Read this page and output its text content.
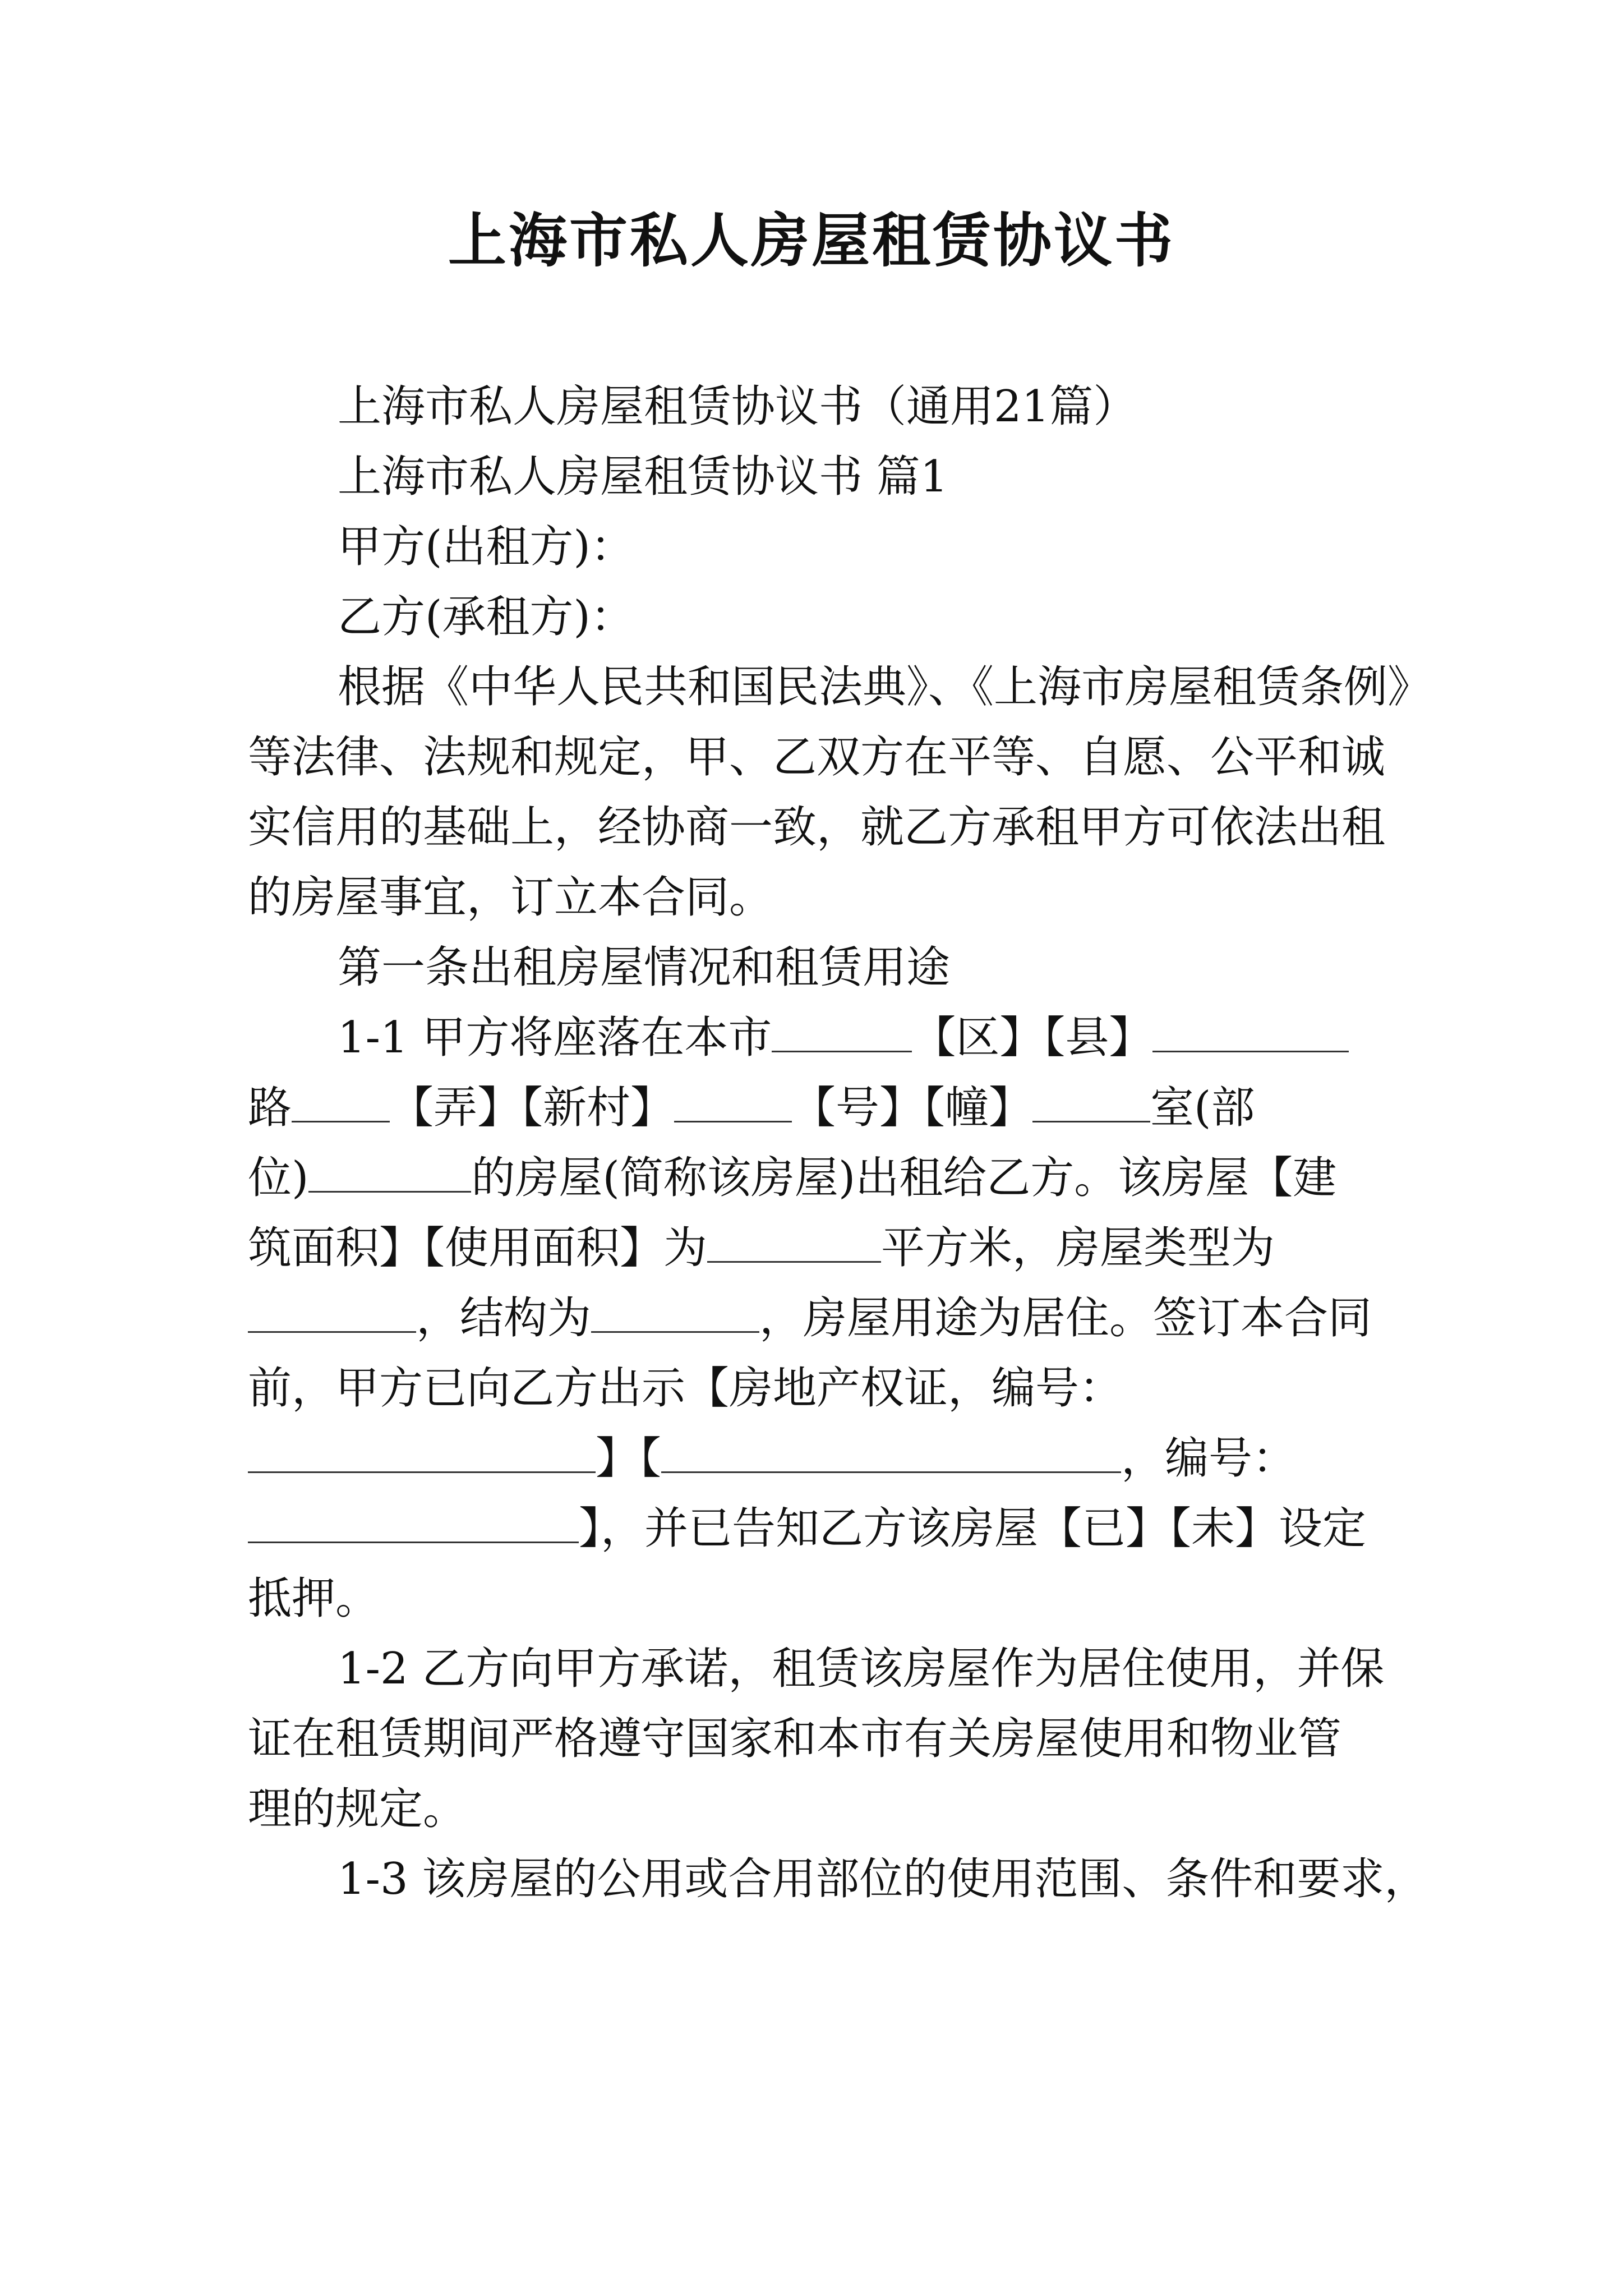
上海市私人房屋租赁协议书
上海市私人房屋租赁协议书（通用21篇）
上海市私人房屋租赁协议书 篇1
甲方(出租方)：
乙方(承租方)：
根据《中华人民共和国民法典》、《上海市房屋租赁条例》
等法律、法规和规定，甲、乙双方在平等、自愿、公平和诚
实信用的基础上，经协商一致，就乙方承租甲方可依法出租
的房屋事宜，订立本合同。
第一条出租房屋情况和租赁用途
1-1 甲方将座落在本市	【区】【县】
路 【弄】【新村】	【号】【幢】	室(部
位)	的房屋(简称该房屋)出租给乙方。该房屋【建
筑面积】【使用面积】为	平方米，房屋类型为
，结构为	，房屋用途为居住。签订本合同
前，甲方已向乙方出示【房地产权证，编号：
】【	，编号：
】，并已告知乙方该房屋【已】【未】设定
抵押。
1-2 乙方向甲方承诺，租赁该房屋作为居住使用，并保
证在租赁期间严格遵守国家和本市有关房屋使用和物业管
理的规定。
1-3 该房屋的公用或合用部位的使用范围、条件和要求，
